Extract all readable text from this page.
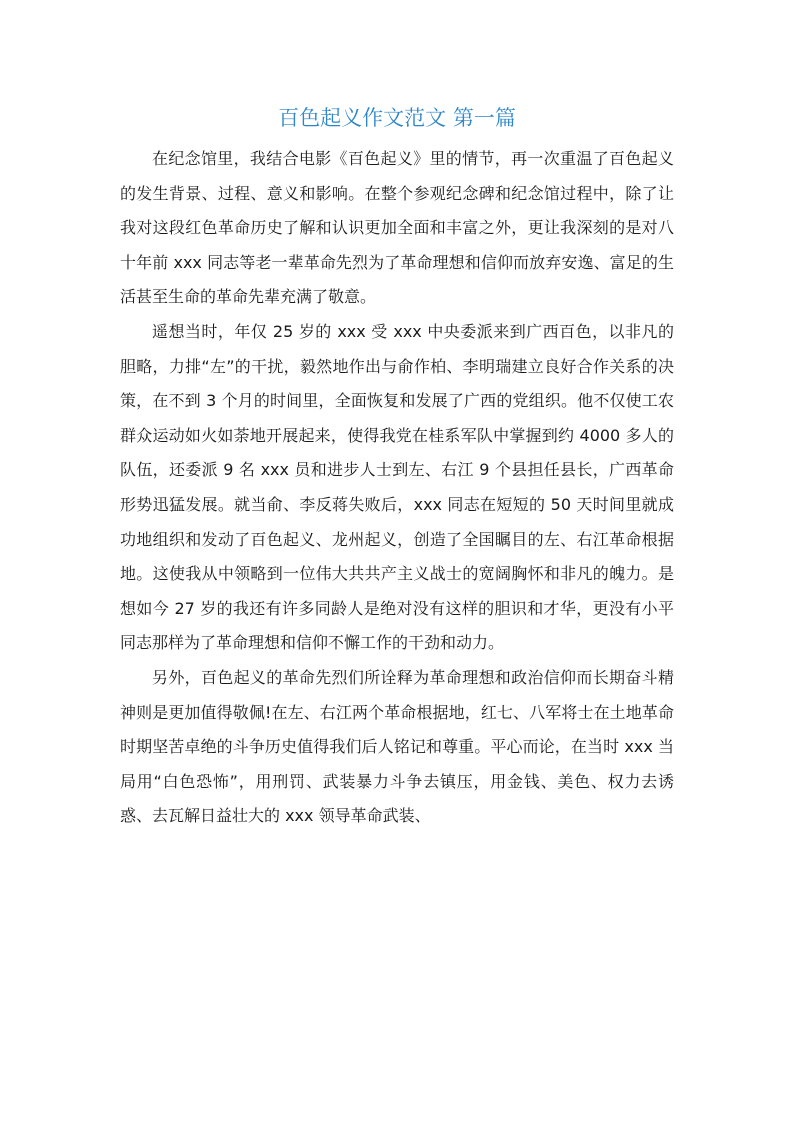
百色起义作文范文 第一篇

在纪念馆里，我结合电影《百色起义》里的情节，再一次重温了百色起义的发生背景、过程、意义和影响。在整个参观纪念碑和纪念馆过程中，除了让我对这段红色革命历史了解和认识更加全面和丰富之外，更让我深刻的是对八十年前 xxx 同志等老一辈革命先烈为了革命理想和信仰而放弃安逸、富足的生活甚至生命的革命先辈充满了敬意。

遥想当时，年仅 25 岁的 xxx 受 xxx 中央委派来到广西百色，以非凡的胆略，力排“左”的干扰，毅然地作出与俞作柏、李明瑞建立良好合作关系的决策，在不到 3 个月的时间里，全面恢复和发展了广西的党组织。他不仅使工农群众运动如火如荼地开展起来，使得我党在桂系军队中掌握到约 4000 多人的队伍，还委派 9 名 xxx 员和进步人士到左、右江 9 个县担任县长，广西革命形势迅猛发展。就当俞、李反蒋失败后，xxx 同志在短短的 50 天时间里就成功地组织和发动了百色起义、龙州起义，创造了全国瞩目的左、右江革命根据地。这使我从中领略到一位伟大共共产主义战士的宽阔胸怀和非凡的魄力。是想如今 27 岁的我还有许多同龄人是绝对没有这样的胆识和才华，更没有小平同志那样为了革命理想和信仰不懈工作的干劲和动力。

另外，百色起义的革命先烈们所诠释为革命理想和政治信仰而长期奋斗精神则是更加值得敬佩!在左、右江两个革命根据地，红七、八军将士在土地革命时期坚苦卓绝的斗争历史值得我们后人铭记和尊重。平心而论，在当时 xxx 当局用“白色恐怖”，用刑罚、武装暴力斗争去镇压，用金钱、美色、权力去诱惑、去瓦解日益壮大的 xxx 领导革命武装、
